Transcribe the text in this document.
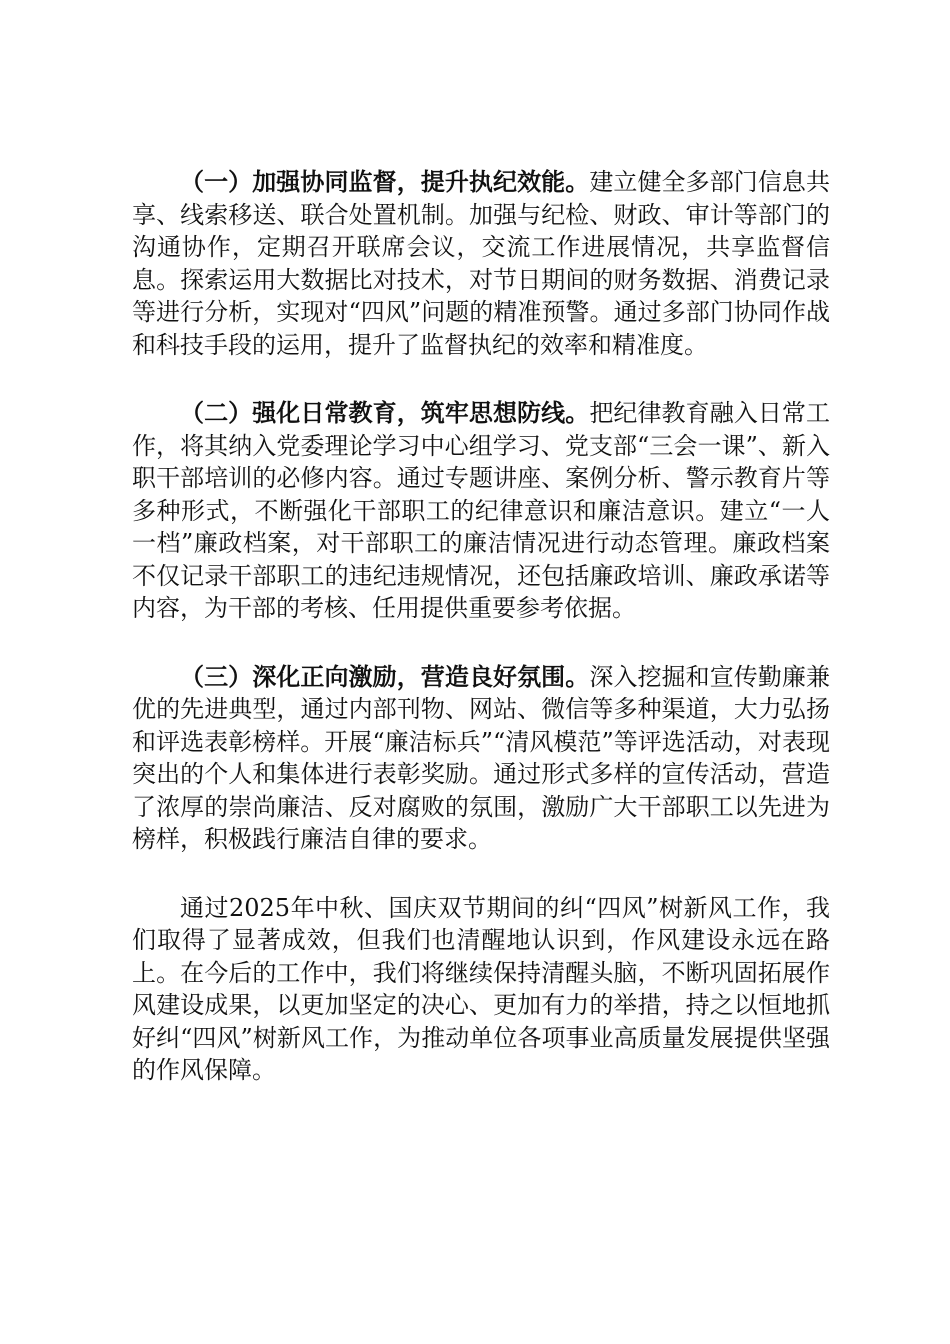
（一）加强协同监督，提升执纪效能。建立健全多部门信息共享、线索移送、联合处置机制。加强与纪检、财政、审计等部门的沟通协作，定期召开联席会议，交流工作进展情况，共享监督信息。探索运用大数据比对技术，对节日期间的财务数据、消费记录等进行分析，实现对“四风”问题的精准预警。通过多部门协同作战和科技手段的运用，提升了监督执纪的效率和精准度。

（二）强化日常教育，筑牢思想防线。把纪律教育融入日常工作，将其纳入党委理论学习中心组学习、党支部“三会一课”、新入职干部培训的必修内容。通过专题讲座、案例分析、警示教育片等多种形式，不断强化干部职工的纪律意识和廉洁意识。建立“一人一档”廉政档案，对干部职工的廉洁情况进行动态管理。廉政档案不仅记录干部职工的违纪违规情况，还包括廉政培训、廉政承诺等内容，为干部的考核、任用提供重要参考依据。

（三）深化正向激励，营造良好氛围。深入挖掘和宣传勤廉兼优的先进典型，通过内部刊物、网站、微信等多种渠道，大力弘扬和评选表彰榜样。开展“廉洁标兵”“清风模范”等评选活动，对表现突出的个人和集体进行表彰奖励。通过形式多样的宣传活动，营造了浓厚的崇尚廉洁、反对腐败的氛围，激励广大干部职工以先进为榜样，积极践行廉洁自律的要求。

通过2025年中秋、国庆双节期间的纠“四风”树新风工作，我们取得了显著成效，但我们也清醒地认识到，作风建设永远在路上。在今后的工作中，我们将继续保持清醒头脑，不断巩固拓展作风建设成果，以更加坚定的决心、更加有力的举措，持之以恒地抓好纠“四风”树新风工作，为推动单位各项事业高质量发展提供坚强的作风保障。
